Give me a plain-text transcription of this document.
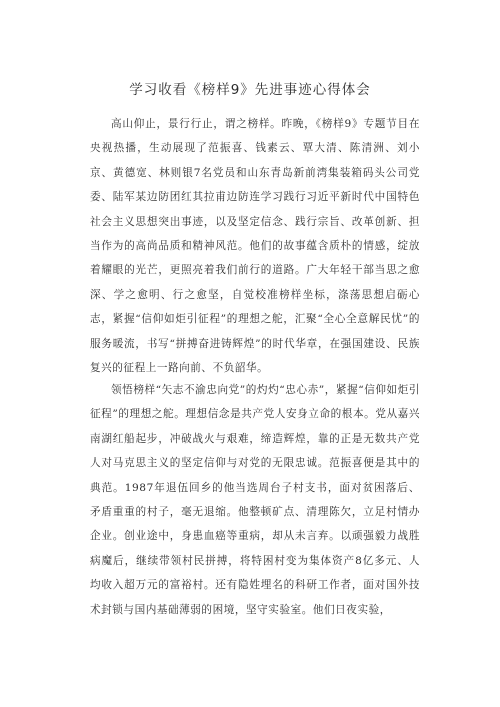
学习收看《榜样9》先进事迹心得体会

高山仰止，景行行止，谓之榜样。昨晚，《榜样9》专题节目在央视热播，生动展现了范振喜、钱素云、覃大清、陈清洲、刘小京、黄德宽、林则银7名党员和山东青岛新前湾集装箱码头公司党委、陆军某边防团红其拉甫边防连学习践行习近平新时代中国特色社会主义思想突出事迹，以及坚定信念、践行宗旨、改革创新、担当作为的高尚品质和精神风范。他们的故事蕴含质朴的情感，绽放着耀眼的光芒，更照亮着我们前行的道路。广大年轻干部当思之愈深、学之愈明、行之愈坚，自觉校准榜样坐标，涤荡思想启砺心志，紧握“信仰如炬引征程”的理想之舵，汇聚“全心全意解民忧”的服务暖流，书写“拼搏奋进铸辉煌”的时代华章，在强国建设、民族复兴的征程上一路向前、不负韶华。

领悟榜样“矢志不渝忠向党”的灼灼“忠心赤”，紧握“信仰如炬引征程”的理想之舵。理想信念是共产党人安身立命的根本。党从嘉兴南湖红船起步，冲破战火与艰难，缔造辉煌，靠的正是无数共产党人对马克思主义的坚定信仰与对党的无限忠诚。范振喜便是其中的典范。1987年退伍回乡的他当选周台子村支书，面对贫困落后、矛盾重重的村子，毫无退缩。他整顿矿点、清理陈欠，立足村情办企业。创业途中，身患血癌等重病，却从未言弃。以顽强毅力战胜病魔后，继续带领村民拼搏，将特困村变为集体资产8亿多元、人均收入超万元的富裕村。还有隐姓埋名的科研工作者，面对国外技术封锁与国内基础薄弱的困境，坚守实验室。他们日夜实验，
